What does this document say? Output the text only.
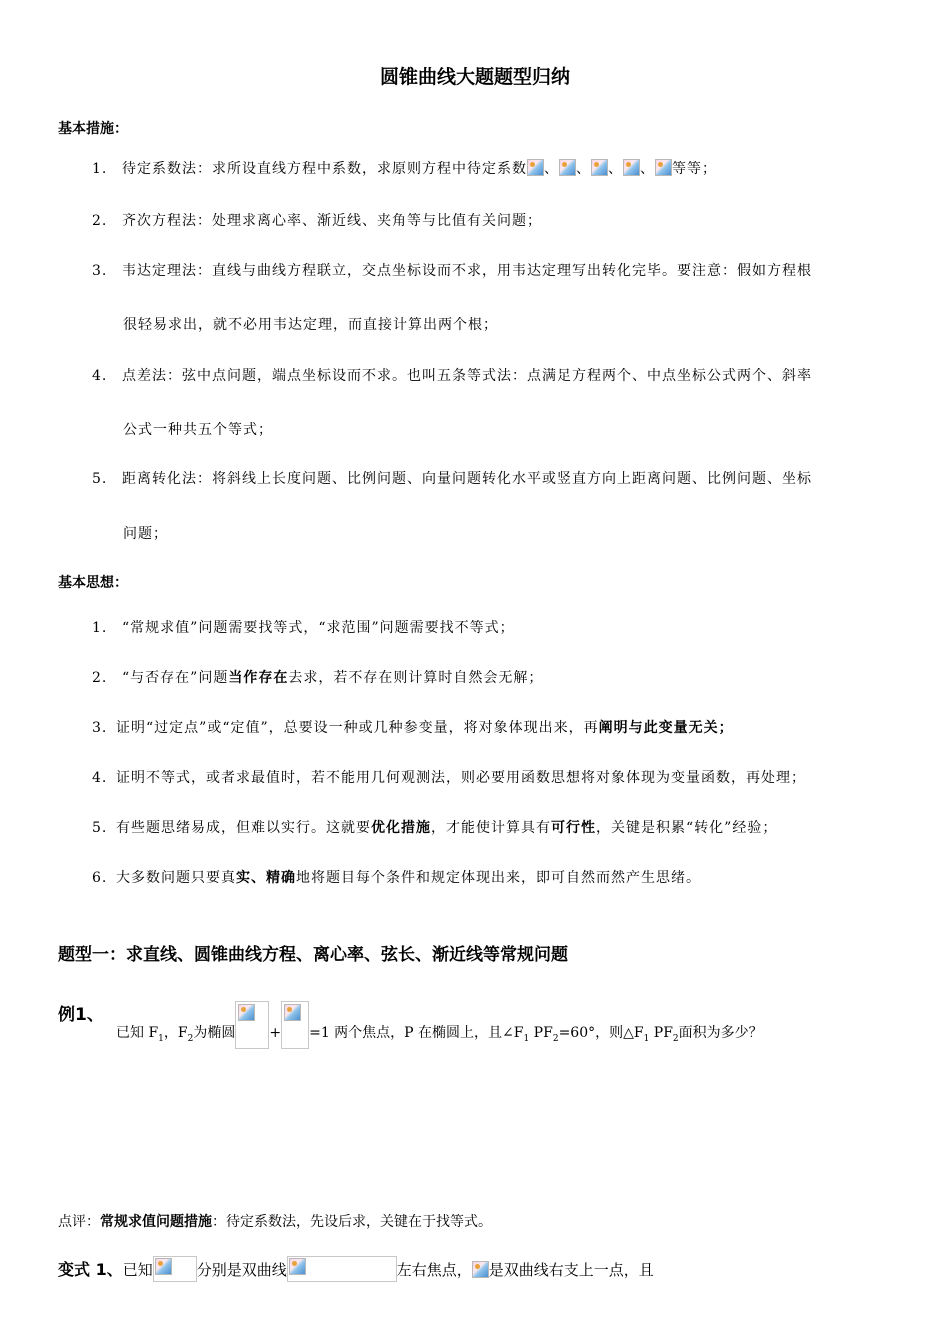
圆锥曲线大题题型归纳
基本措施：
1. 待定系数法：求所设直线方程中系数，求原则方程中待定系数 、 、 、 、 等等；
2. 齐次方程法：处理求离心率、渐近线、夹角等与比值有关问题；
3. 韦达定理法：直线与曲线方程联立，交点坐标设而不求，用韦达定理写出转化完毕。要注意：假如方程根
很轻易求出，就不必用韦达定理，而直接计算出两个根；
4. 点差法：弦中点问题，端点坐标设而不求。也叫五条等式法：点满足方程两个、中点坐标公式两个、斜率
公式一种共五个等式；
5. 距离转化法：将斜线上长度问题、比例问题、向量问题转化水平或竖直方向上距离问题、比例问题、坐标
问题；
基本思想：
1. “常规求值”问题需要找等式，“求范围”问题需要找不等式；
2. “与否存在”问题当作存在去求，若不存在则计算时自然会无解；
3. 证明“过定点”或“定值”，总要设一种或几种参变量，将对象体现出来，再阐明与此变量无关；
4. 证明不等式，或者求最值时，若不能用几何观测法，则必要用函数思想将对象体现为变量函数，再处理；
5. 有些题思绪易成，但难以实行。这就要优化措施，才能使计算具有可行性，关键是积累“转化”经验；
6. 大多数问题只要真实、精确地将题目每个条件和规定体现出来，即可自然而然产生思绪。
题型一：求直线、圆锥曲线方程、离心率、弦长、渐近线等常规问题
例1、
已知 $F_1$，$F_2$为椭圆 + =1 两个焦点，P 在椭圆上，且$\angle F_1$ $PF_2=60^\circ$，则$\triangle F_1$ $PF_2$面积为多少？
点评：常规求值问题措施：待定系数法，先设后求，关键在于找等式。
变式 1、已知	分别是双曲线	左右焦点， 是双曲线右支上一点，且
